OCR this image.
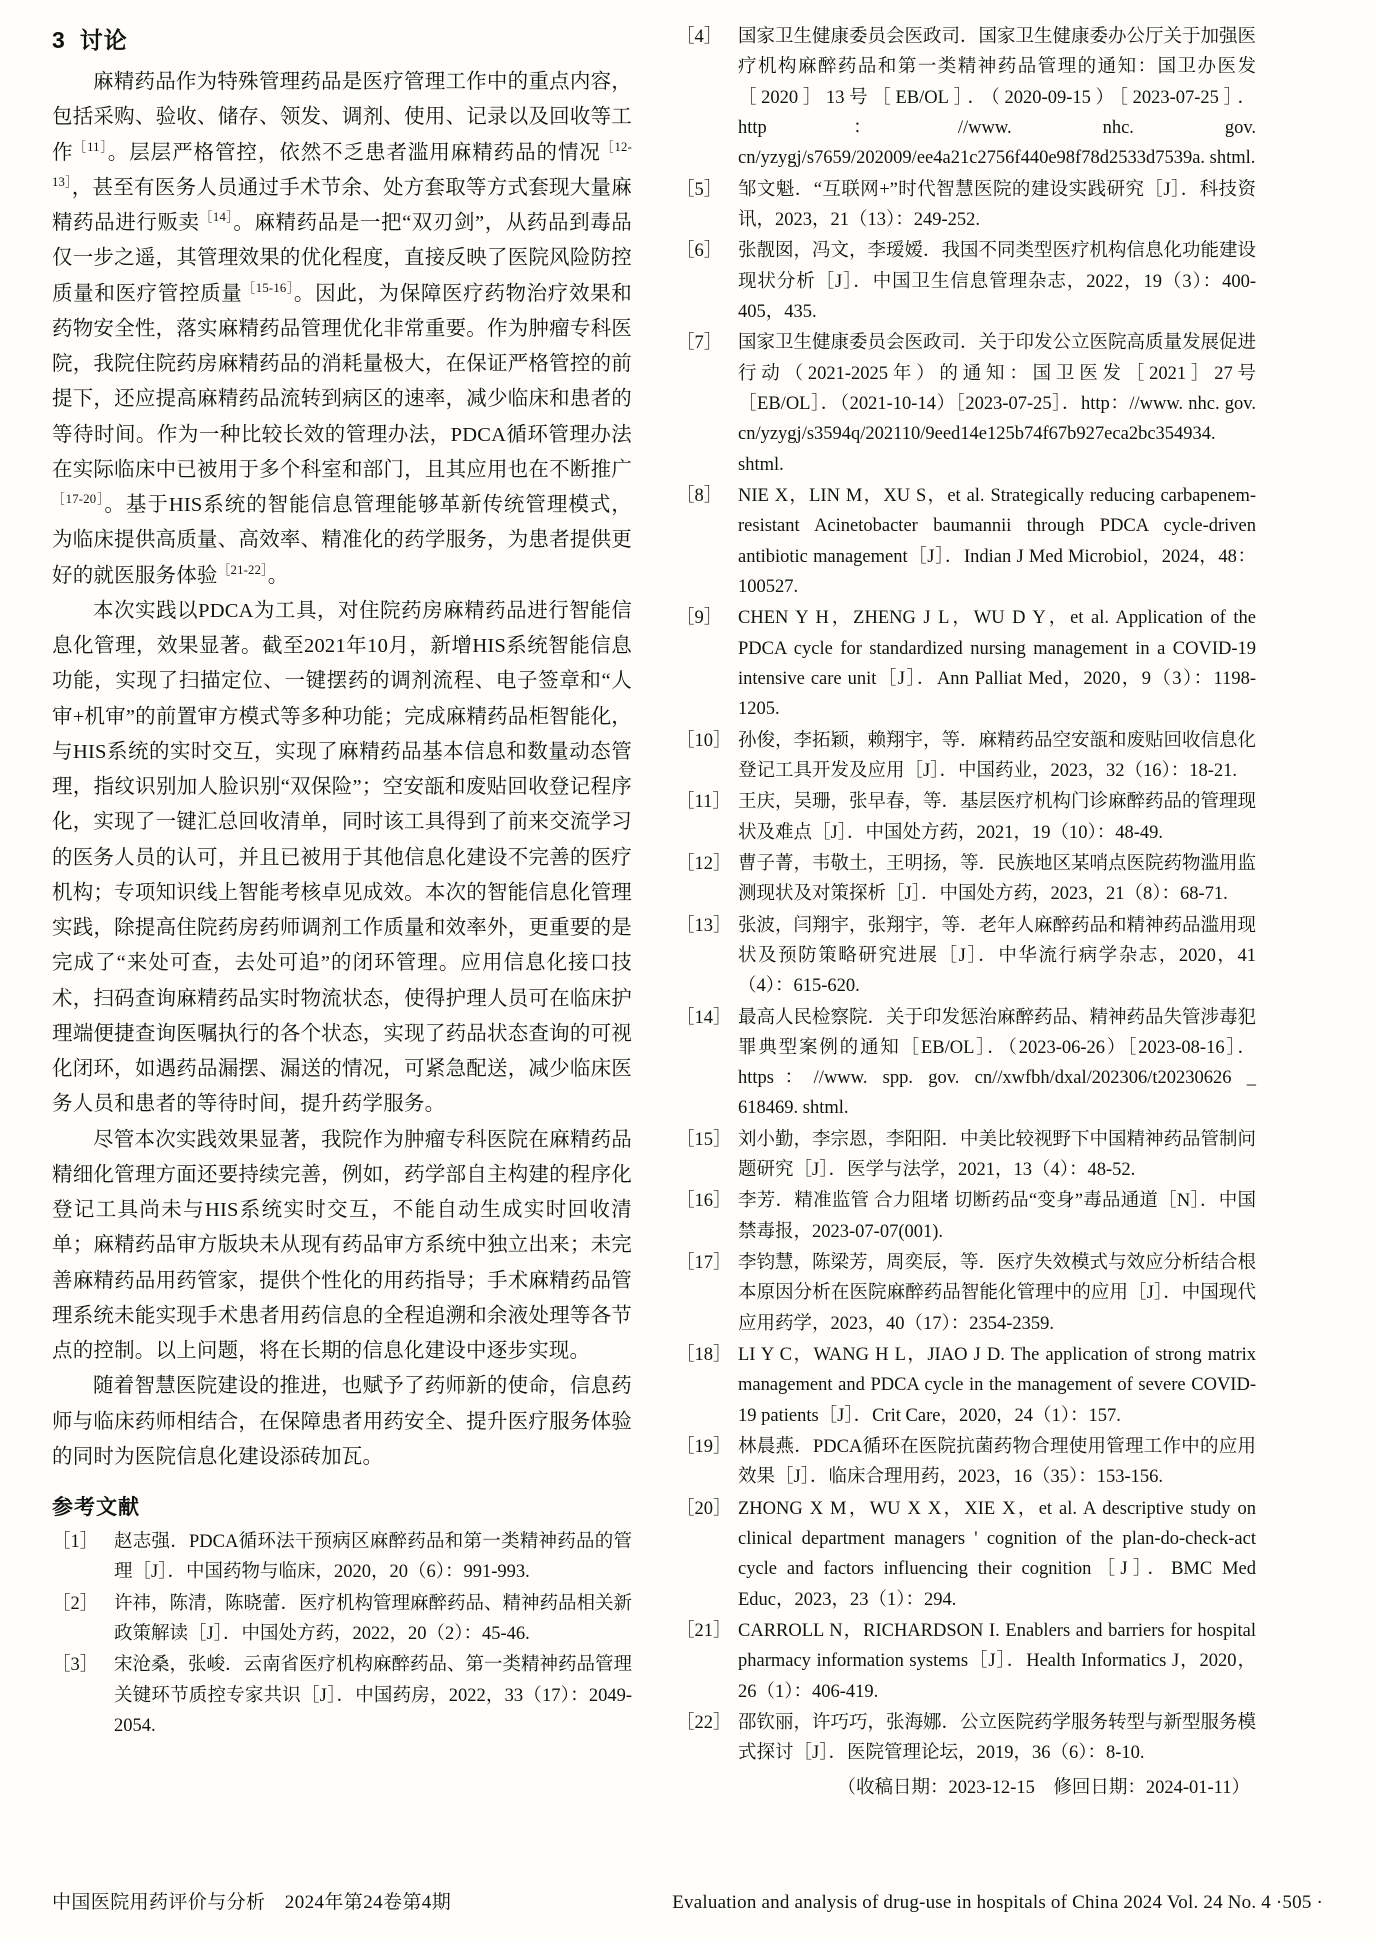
3 讨论

麻精药品作为特殊管理药品是医疗管理工作中的重点内容，包括采购、验收、储存、领发、调剂、使用、记录以及回收等工作$^{[11]}$。层层严格管控，依然不乏患者滥用麻精药品的情况$^{[12-13]}$，甚至有医务人员通过手术节余、处方套取等方式套现大量麻精药品进行贩卖$^{[14]}$。麻精药品是一把“双刃剑”，从药品到毒品仅一步之遥，其管理效果的优化程度，直接反映了医院风险防控质量和医疗管控质量$^{[15-16]}$。因此，为保障医疗药物治疗效果和药物安全性，落实麻精药品管理优化非常重要。作为肿瘤专科医院，我院住院药房麻精药品的消耗量极大，在保证严格管控的前提下，还应提高麻精药品流转到病区的速率，减少临床和患者的等待时间。作为一种比较长效的管理办法，PDCA循环管理办法在实际临床中已被用于多个科室和部门，且其应用也在不断推广$^{[17-20]}$。基于HIS系统的智能信息管理能够革新传统管理模式，为临床提供高质量、高效率、精准化的药学服务，为患者提供更好的就医服务体验$^{[21-22]}$。

本次实践以PDCA为工具，对住院药房麻精药品进行智能信息化管理，效果显著。截至2021年10月，新增HIS系统智能信息功能，实现了扫描定位、一键摆药的调剂流程、电子签章和“人审+机审”的前置审方模式等多种功能；完成麻精药品柜智能化，与HIS系统的实时交互，实现了麻精药品基本信息和数量动态管理，指纹识别加人脸识别“双保险”；空安瓿和废贴回收登记程序化，实现了一键汇总回收清单，同时该工具得到了前来交流学习的医务人员的认可，并且已被用于其他信息化建设不完善的医疗机构；专项知识线上智能考核卓见成效。本次的智能信息化管理实践，除提高住院药房药师调剂工作质量和效率外，更重要的是完成了“来处可查，去处可追”的闭环管理。应用信息化接口技术，扫码查询麻精药品实时物流状态，使得护理人员可在临床护理端便捷查询医嘱执行的各个状态，实现了药品状态查询的可视化闭环，如遇药品漏摆、漏送的情况，可紧急配送，减少临床医务人员和患者的等待时间，提升药学服务。

尽管本次实践效果显著，我院作为肿瘤专科医院在麻精药品精细化管理方面还要持续完善，例如，药学部自主构建的程序化登记工具尚未与HIS系统实时交互，不能自动生成实时回收清单；麻精药品审方版块未从现有药品审方系统中独立出来；未完善麻精药品用药管家，提供个性化的用药指导；手术麻精药品管理系统未能实现手术患者用药信息的全程追溯和余液处理等各节点的控制。以上问题，将在长期的信息化建设中逐步实现。

随着智慧医院建设的推进，也赋予了药师新的使命，信息药师与临床药师相结合，在保障患者用药安全、提升医疗服务体验的同时为医院信息化建设添砖加瓦。

参考文献
［1］ 赵志强．PDCA循环法干预病区麻醉药品和第一类精神药品的管理［J］．中国药物与临床，2020，20（6）：991-993.
［2］ 许祎，陈清，陈晓蕾．医疗机构管理麻醉药品、精神药品相关新政策解读［J］．中国处方药，2022，20（2）：45-46.
［3］ 宋沧桑，张峻．云南省医疗机构麻醉药品、第一类精神药品管理关键环节质控专家共识［J］．中国药房，2022，33（17）：2049-2054.
［4］ 国家卫生健康委员会医政司．国家卫生健康委办公厅关于加强医疗机构麻醉药品和第一类精神药品管理的通知：国卫办医发［2020］13号［EB/OL］．（2020-09-15）［2023-07-25］．http：//www. nhc. gov. cn/yzygj/s7659/202009/ee4a21c2756f440e98f78d2533d7539a. shtml.
［5］ 邹文魁．“互联网+”时代智慧医院的建设实践研究［J］．科技资讯，2023，21（13）：249-252.
［6］ 张靓囡，冯文，李瑷嫒．我国不同类型医疗机构信息化功能建设现状分析［J］．中国卫生信息管理杂志，2022，19（3）：400-405，435.
［7］ 国家卫生健康委员会医政司．关于印发公立医院高质量发展促进行动（2021-2025年）的通知：国卫医发［2021］27号［EB/OL］．（2021-10-14）［2023-07-25］．http：//www. nhc. gov. cn/yzygj/s3594q/202110/9eed14e125b74f67b927eca2bc354934. shtml.
［8］ NIE X，LIN M，XU S，et al. Strategically reducing carbapenem-resistant Acinetobacter baumannii through PDCA cycle-driven antibiotic management［J］．Indian J Med Microbiol，2024，48：100527.
［9］ CHEN Y H，ZHENG J L，WU D Y，et al. Application of the PDCA cycle for standardized nursing management in a COVID-19 intensive care unit［J］．Ann Palliat Med，2020，9（3）：1198-1205.
［10］ 孙俊，李拓颖，赖翔宇，等．麻精药品空安瓿和废贴回收信息化登记工具开发及应用［J］．中国药业，2023，32（16）：18-21.
［11］ 王庆，吴珊，张早春，等．基层医疗机构门诊麻醉药品的管理现状及难点［J］．中国处方药，2021，19（10）：48-49.
［12］ 曹子菁，韦敬土，王明扬，等．民族地区某哨点医院药物滥用监测现状及对策探析［J］．中国处方药，2023，21（8）：68-71.
［13］ 张波，闫翔宇，张翔宇，等．老年人麻醉药品和精神药品滥用现状及预防策略研究进展［J］．中华流行病学杂志，2020，41（4）：615-620.
［14］ 最高人民检察院．关于印发惩治麻醉药品、精神药品失管涉毒犯罪典型案例的通知［EB/OL］．（2023-06-26）［2023-08-16］．https：//www. spp. gov. cn//xwfbh/dxal/202306/t20230626 _ 618469. shtml.
［15］ 刘小勤，李宗恩，李阳阳．中美比较视野下中国精神药品管制问题研究［J］．医学与法学，2021，13（4）：48-52.
［16］ 李芳．精准监管 合力阻堵 切断药品“变身”毒品通道［N］．中国禁毒报，2023-07-07(001).
［17］ 李钧慧，陈梁芳，周奕辰，等．医疗失效模式与效应分析结合根本原因分析在医院麻醉药品智能化管理中的应用［J］．中国现代应用药学，2023，40（17）：2354-2359.
［18］ LI Y C，WANG H L，JIAO J D. The application of strong matrix management and PDCA cycle in the management of severe COVID-19 patients［J］．Crit Care，2020，24（1）：157.
［19］ 林晨燕．PDCA循环在医院抗菌药物合理使用管理工作中的应用效果［J］．临床合理用药，2023，16（35）：153-156.
［20］ ZHONG X M，WU X X，XIE X，et al. A descriptive study on clinical department managers ' cognition of the plan-do-check-act cycle and factors influencing their cognition［J］．BMC Med Educ，2023，23（1）：294.
［21］ CARROLL N，RICHARDSON I. Enablers and barriers for hospital pharmacy information systems［J］．Health Informatics J，2020，26（1）：406-419.
［22］ 邵钦丽，许巧巧，张海娜．公立医院药学服务转型与新型服务模式探讨［J］．医院管理论坛，2019，36（6）：8-10.
（收稿日期：2023-12-15　修回日期：2024-01-11）
中国医院用药评价与分析　2024年第24卷第4期	Evaluation and analysis of drug-use in hospitals of China 2024 Vol. 24 No. 4 ·505 ·
